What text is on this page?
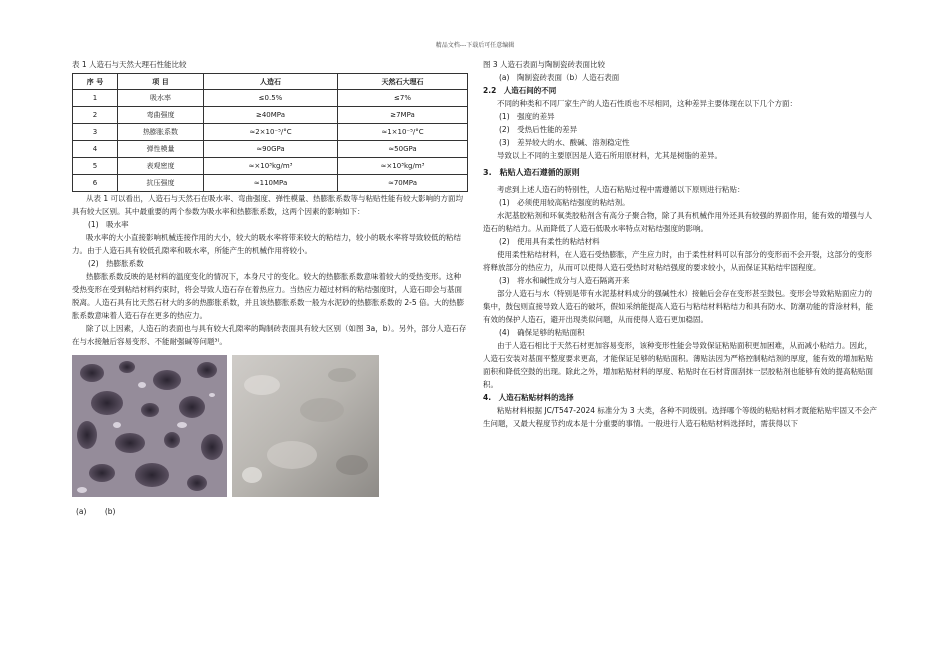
精品文档---下载后可任意编辑
表 1 人造石与天然大理石性能比较
序 号	项 目	人造石	天然石大理石
1	吸水率	≤0.5%	≤7%
2	弯曲强度	≥40MPa	≥7MPa
3	热膨胀系数	≈2×10⁻⁵/°C	≈1×10⁻⁵/°C
4	弹性模量	≈90GPa	≈50GPa
5	表观密度	≈×10³kg/m³	≈×10³kg/m³
6	抗压强度	≈110MPa	≈70MPa
从表 1 可以看出，人造石与天然石在吸水率、弯曲强度、弹性模量、热膨胀系数等与粘贴性能有较大影响的方面均具有较大区别。其中最重要的两个参数为吸水率和热膨胀系数，这两个因素的影响如下：
(1)　吸水率
吸水率的大小直接影响机械连接作用的大小，较大的吸水率将带来较大的粘结力，较小的吸水率将导致较低的粘结力。由于人造石具有较低孔隙率和吸水率，所能产生的机械作用将较小。
(2)　热膨胀系数
热膨胀系数反映的是材料的温度变化的情况下，本身尺寸的变化。较大的热膨胀系数意味着较大的受热变形。这种受热变形在受到粘结材料约束时，将会导致人造石存在着热应力。当热应力超过材料的粘结强度时，人造石即会与基面脱离。人造石具有比天然石材大的多的热膨胀系数，并且该热膨胀系数一般为水泥砂的热膨胀系数的 2-5 倍。大的热膨胀系数意味着人造石存在更多的热应力。
除了以上因素，人造石的表面也与具有较大孔隙率的陶制砖表面具有较大区别（如图 3a，b）。另外，部分人造石存在与水接触后容易变形、不能耐强碱等问题³⁾。
(a) (b)
图 3 人造石表面与陶制瓷砖表面比较
(a)　陶制瓷砖表面（b）人造石表面
2.2　人造石间的不同
不同的种类和不同厂家生产的人造石性质也不尽相同，这种差异主要体现在以下几个方面：
(1)　强度的差异
(2)　受热后性能的差异
(3)　差异较大的水、酸碱、溶剂稳定性
导致以上不同的主要原因是人造石所用原材料，尤其是树脂的差异。
3.　粘贴人造石遵循的原则
考虑到上述人造石的特别性，人造石粘贴过程中需遵循以下原则进行粘贴：
(1)　必须使用较高粘结强度的粘结剂。
水泥基胶粘剂和环氧类胶粘剂含有高分子聚合物，除了具有机械作用外还具有较强的界面作用，能有效的增强与人造石的粘结力。从而降低了人造石低吸水率特点对粘结强度的影响。
(2)　使用具有柔性的粘结材料
使用柔性粘结材料，在人造石受热膨胀，产生应力时，由于柔性材料可以有部分的变形而不会开裂，这部分的变形将释放部分的热应力，从而可以使得人造石受热时对粘结强度的要求较小，从而保证其粘结牢固程度。
(3)　将水和碱性成分与人造石隔离开来
部分人造石与水（特别是带有水泥基材料成分的强碱性水）接触后会存在变形甚至鼓包。变形会导致粘贴面应力的集中，鼓包则直接导致人造石的破坏，假如采纳能提高人造石与粘结材料粘结力和具有防水、防潮功能的背涂材料，能有效的保护人造石，避开出现类似问题，从而使得人造石更加稳固。
(4)　确保足够的粘贴面积
由于人造石相比于天然石材更加容易变形，该种变形性能会导致保证粘贴面积更加困难，从而减小粘结力。因此，人造石安装对基面平整度要求更高，才能保证足够的粘贴面积。薄贴法因为严格控制粘结剂的厚度，能有效的增加粘贴面积和降低空鼓的出现。除此之外，增加粘贴材料的厚度、粘贴时在石材背面刮抹一层胶粘剂也能够有效的提高粘贴面积。
4.　人造石粘贴材料的选择
粘贴材料根据 JC/T547-2024 标准分为 3 大类，各种不同级别。选择哪个等级的粘贴材料才既能粘贴牢固又不会产生问题，又最大程度节约成本是十分重要的事情。一般进行人造石粘贴材料选择时，需获得以下
